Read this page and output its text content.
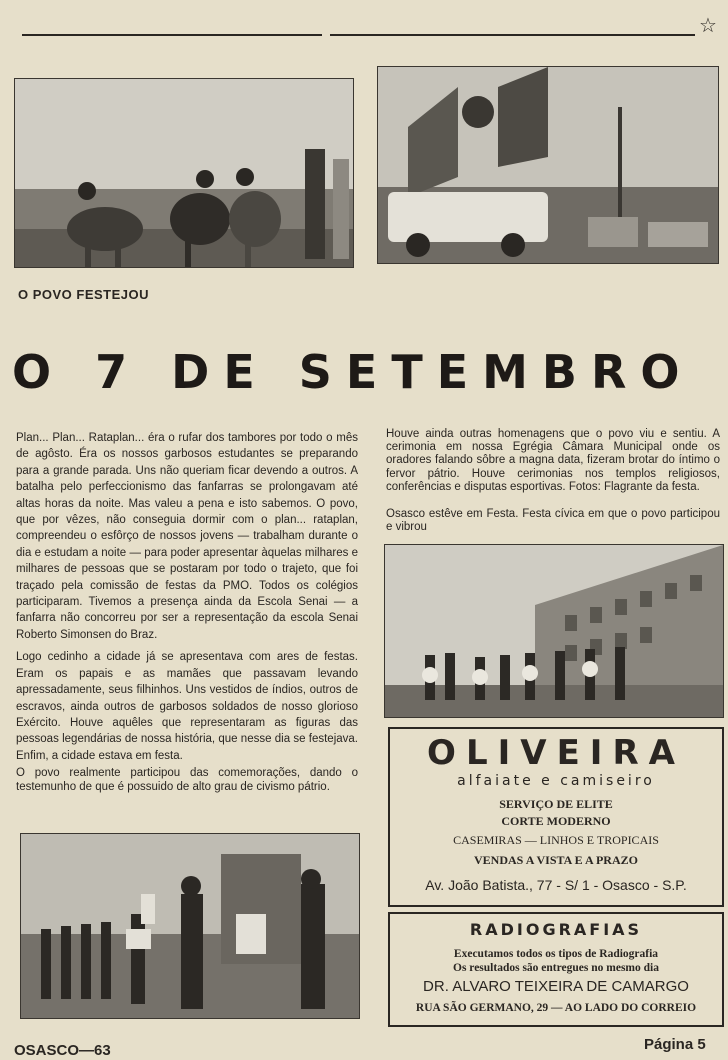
☆
O POVO FESTEJOU
O 7 DE SETEMBRO

Plan... Plan... Rataplan... éra o rufar dos tambores por todo o mês de agôsto. Éra os nossos garbosos estudantes se preparando para a grande parada. Uns não queriam ficar devendo a outros. A batalha pelo perfeccionismo das fanfarras se prolongavam até altas horas da noite. Mas valeu a pena e isto sabemos. O povo, que por vêzes, não conseguia dormir com o plan... rataplan, compreendeu o esfôrço de nossos jovens — trabalham durante o dia e estudam a noite — para poder apresentar àquelas milhares e milhares de pessoas que se postaram por todo o trajeto, que foi traçado pela comissão de festas da PMO. Todos os colégios participaram. Tivemos a presença ainda da Escola Senai — a fanfarra não concorreu por ser a representação da escola Senai Roberto Simonsen do Braz.

Logo cedinho a cidade já se apresentava com ares de festas. Eram os papais e as mamães que passavam levando apressadamente, seus filhinhos. Uns vestidos de índios, outros de escravos, ainda outros de garbosos soldados de nosso glorioso Exército. Houve aquêles que representaram as figuras das pessoas legendárias de nossa história, que nesse dia se festejava. Enfim, a cidade estava em festa.

O povo realmente participou das comemorações, dando o testemunho de que é possuido de alto grau de civismo pátrio.

Houve ainda outras homenagens que o povo viu e sentiu. A cerimonia em nossa Egrégia Câmara Municipal onde os oradores falando sôbre a magna data, fizeram brotar do íntimo o fervor pátrio. Houve cerimonias nos templos religiosos, conferências e disputas esportivas. Fotos: Flagrante da festa.

Osasco estêve em Festa. Festa cívica em que o povo participou e vibrou

OLIVEIRA
alfaiate e camiseiro
SERVIÇO DE ELITE
CORTE MODERNO
CASEMIRAS — LINHOS E TROPICAIS
VENDAS A VISTA E A PRAZO
Av. João Batista., 77 - S/ 1 - Osasco - S.P.
RADIOGRAFIAS
Executamos todos os tipos de Radiografia
Os resultados são entregues no mesmo dia
DR. ALVARO TEIXEIRA DE CAMARGO
RUA SÃO GERMANO, 29 — AO LADO DO CORREIO
OSASCO—63	Página 5
